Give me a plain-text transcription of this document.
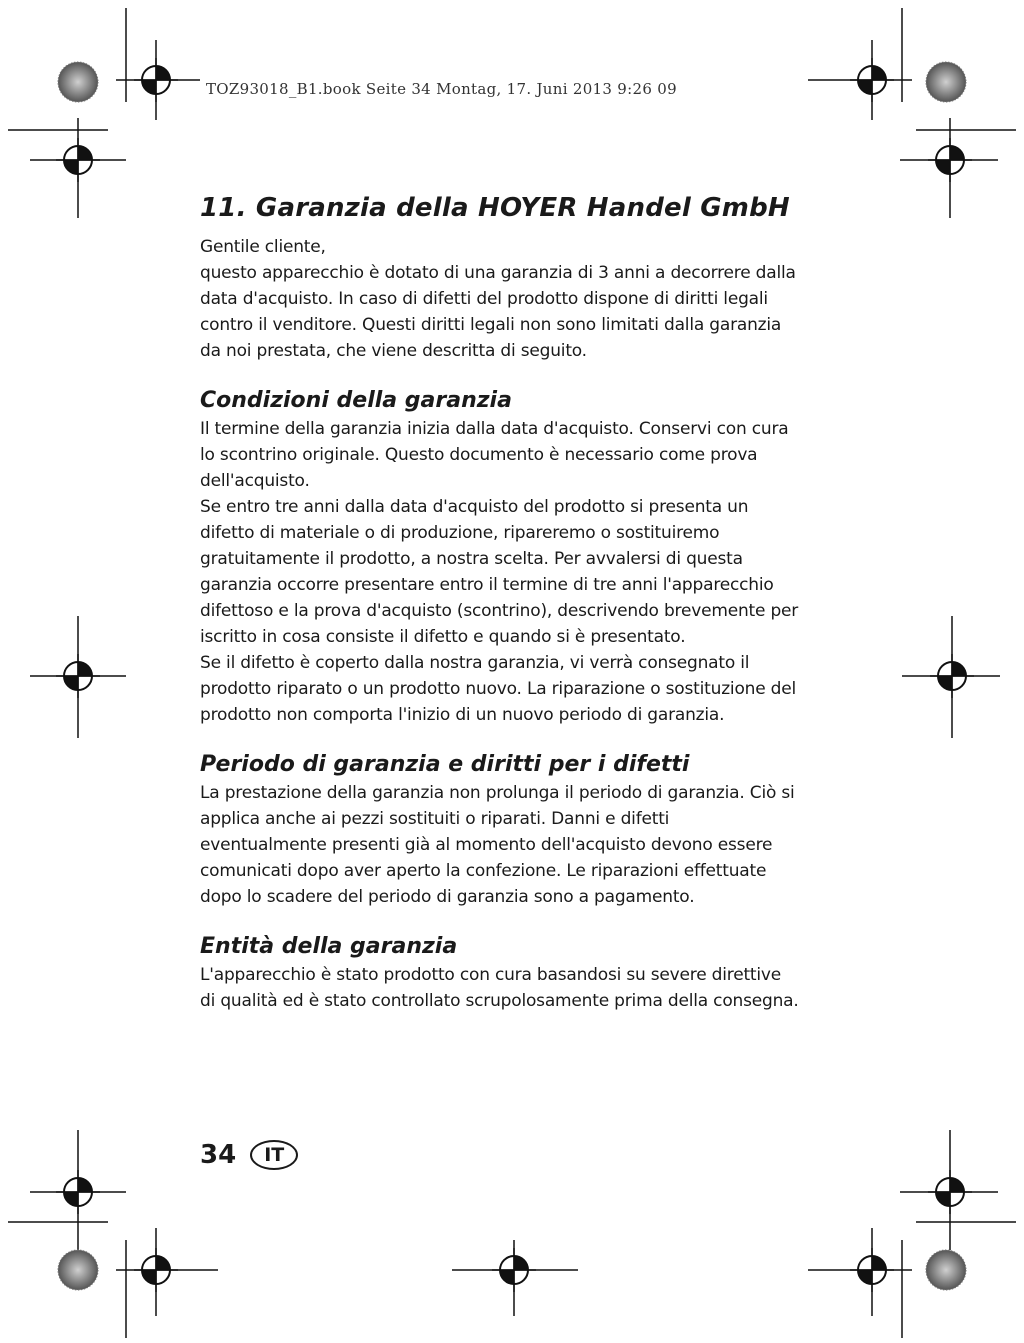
TOZ93018_B1.book Seite 34 Montag, 17. Juni 2013 9:26 09
11. Garanzia della HOYER Handel GmbH

Gentile cliente,

questo apparecchio è dotato di una garanzia di 3 anni a decorrere dalla data d'acquisto. In caso di difetti del prodotto dispone di diritti legali contro il venditore. Questi diritti legali non sono limitati dalla garanzia da noi prestata, che viene descritta di seguito.

Condizioni della garanzia

Il termine della garanzia inizia dalla data d'acquisto. Conservi con cura lo scontrino originale. Questo documento è necessario come prova dell'acquisto.

Se entro tre anni dalla data d'acquisto del prodotto si presenta un difetto di materiale o di produzione, ripareremo o sostituiremo gratuitamente il prodotto, a nostra scelta. Per avvalersi di questa garanzia occorre presentare entro il termine di tre anni l'apparecchio difettoso e la prova d'acquisto (scontrino), descrivendo brevemente per iscritto in cosa consiste il difetto e quando si è presentato.

Se il difetto è coperto dalla nostra garanzia, vi verrà consegnato il prodotto riparato o un prodotto nuovo. La riparazione o sostituzione del prodotto non comporta l'inizio di un nuovo periodo di garanzia.

Periodo di garanzia e diritti per i difetti

La prestazione della garanzia non prolunga il periodo di garanzia. Ciò si applica anche ai pezzi sostituiti o riparati. Danni e difetti eventualmente presenti già al momento dell'acquisto devono essere comunicati dopo aver aperto la confezione. Le riparazioni effettuate dopo lo scadere del periodo di garanzia sono a pagamento.

Entità della garanzia

L'apparecchio è stato prodotto con cura basandosi su severe direttive di qualità ed è stato controllato scrupolosamente prima della consegna.

34	IT
